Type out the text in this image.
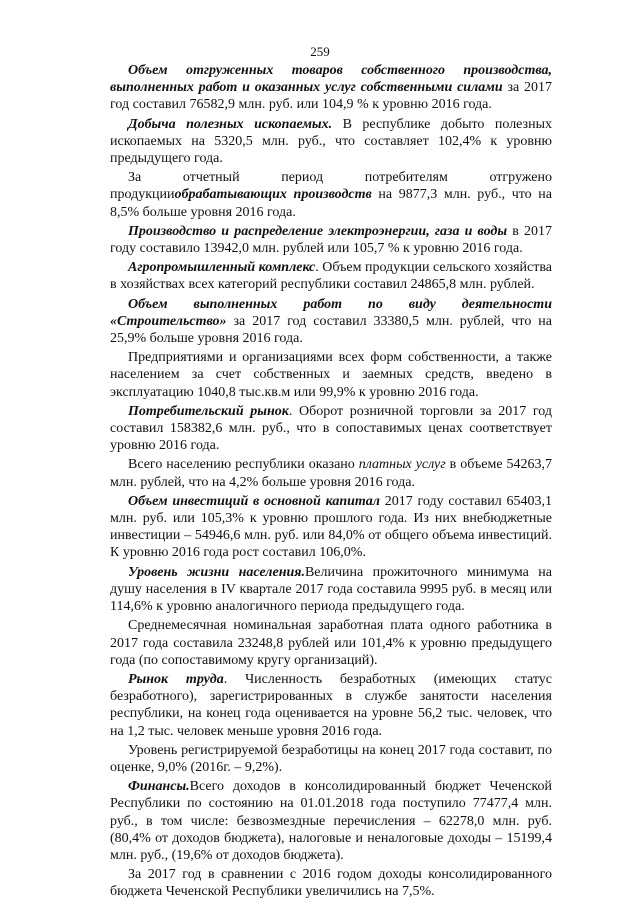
259

Объем отгруженных товаров собственного производства, выполненных работ и оказанных услуг собственными силами за 2017 год составил 76582,9 млн. руб. или 104,9 % к уровню 2016 года.

Добыча полезных ископаемых. В республике добыто полезных ископаемых на 5320,5 млн. руб., что составляет 102,4% к уровню предыдущего года.

За отчетный период потребителям отгружено продукцииобрабатывающих производств на 9877,3 млн. руб., что на 8,5% больше уровня 2016 года.

Производство и распределение электроэнергии, газа и воды в 2017 году составило 13942,0 млн. рублей или 105,7 % к уровню 2016 года.

Агропромышленный комплекс. Объем продукции сельского хозяйства в хозяйствах всех категорий республики составил 24865,8 млн. рублей.

Объем выполненных работ по виду деятельности «Строительство» за 2017 год составил 33380,5 млн. рублей, что на 25,9% больше уровня 2016 года.

Предприятиями и организациями всех форм собственности, а также населением за счет собственных и заемных средств, введено в эксплуатацию 1040,8 тыс.кв.м или 99,9% к уровню 2016 года.

Потребительский рынок. Оборот розничной торговли за 2017 год составил 158382,6 млн. руб., что в сопоставимых ценах соответствует уровню 2016 года.

Всего населению республики оказано платных услуг в объеме 54263,7 млн. рублей, что на 4,2% больше уровня 2016 года.

Объем инвестиций в основной капитал 2017 году составил 65403,1 млн. руб. или 105,3% к уровню прошлого года. Из них внебюджетные инвестиции – 54946,6 млн. руб. или 84,0% от общего объема инвестиций. К уровню 2016 года рост составил 106,0%.

Уровень жизни населения.Величина прожиточного минимума на душу населения в IV квартале 2017 года составила 9995 руб. в месяц или 114,6% к уровню аналогичного периода предыдущего года.

Среднемесячная номинальная заработная плата одного работника в 2017 года составила 23248,8 рублей или 101,4% к уровню предыдущего года (по сопоставимому кругу организаций).

Рынок труда. Численность безработных (имеющих статус безработного), зарегистрированных в службе занятости населения республики, на конец года оценивается на уровне 56,2 тыс. человек, что на 1,2 тыс. человек меньше уровня 2016 года.

Уровень регистрируемой безработицы на конец 2017 года составит, по оценке, 9,0% (2016г. – 9,2%).

Финансы.Всего доходов в консолидированный бюджет Чеченской Республики по состоянию на 01.01.2018 года поступило 77477,4 млн. руб., в том числе: безвозмездные перечисления – 62278,0 млн. руб. (80,4% от доходов бюджета), налоговые и неналоговые доходы – 15199,4 млн. руб., (19,6% от доходов бюджета).

За 2017 год в сравнении с 2016 годом доходы консолидированного бюджета Чеченской Республики увеличились на 7,5%.
